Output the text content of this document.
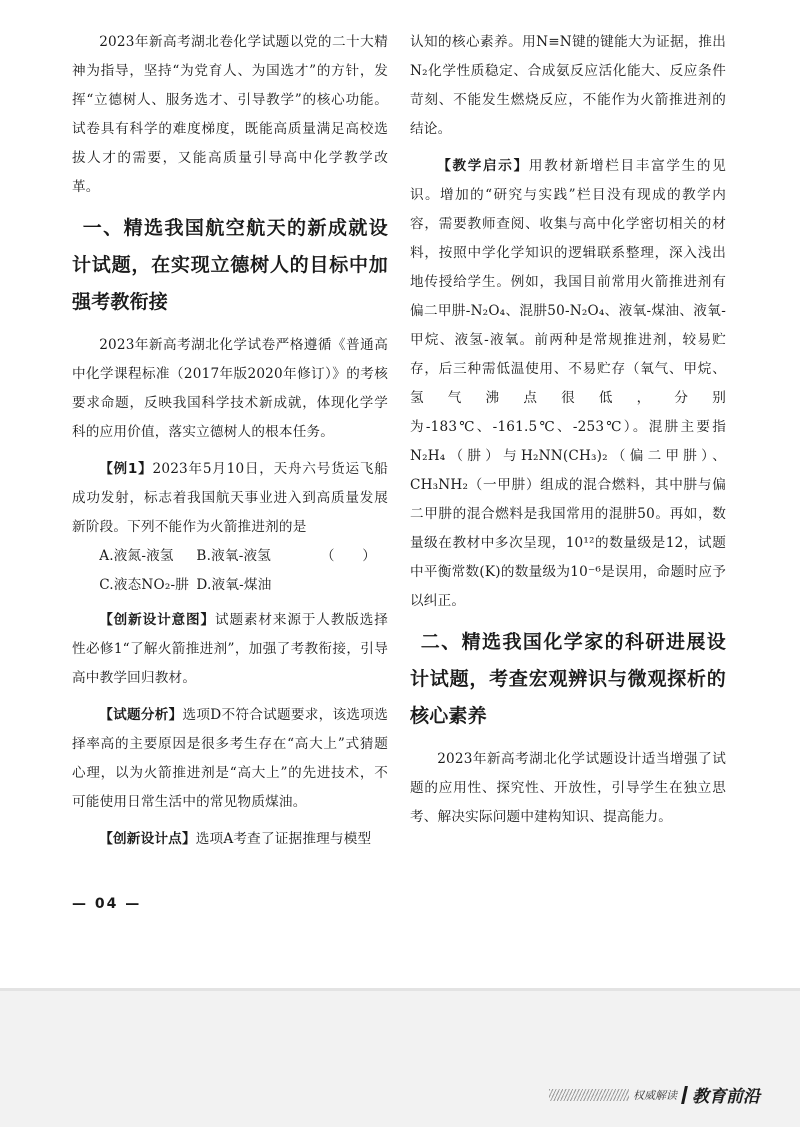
2023年新高考湖北卷化学试题以党的二十大精神为指导，坚持“为党育人、为国选才”的方针，发挥“立德树人、服务选才、引导教学”的核心功能。试卷具有科学的难度梯度，既能高质量满足高校选拔人才的需要，又能高质量引导高中化学教学改革。

一、精选我国航空航天的新成就设计试题，在实现立德树人的目标中加强考教衔接

2023年新高考湖北化学试卷严格遵循《普通高中化学课程标准（2017年版2020年修订）》的考核要求命题，反映我国科学技术新成就，体现化学学科的应用价值，落实立德树人的根本任务。

【例1】2023年5月10日，天舟六号货运飞船成功发射，标志着我国航天事业进入到高质量发展新阶段。下列不能作为火箭推进剂的是
（　　）

A.液氮-液氢	B.液氧-液氢
C.液态NO₂-肼 D.液氧-煤油

【创新设计意图】试题素材来源于人教版选择性必修1“了解火箭推进剂”，加强了考教衔接，引导高中教学回归教材。

【试题分析】选项D不符合试题要求，该选项选择率高的主要原因是很多考生存在“高大上”式猜题心理，以为火箭推进剂是“高大上”的先进技术，不可能使用日常生活中的常见物质煤油。

【创新设计点】选项A考查了证据推理与模型

认知的核心素养。用N≡N键的键能大为证据，推出N₂化学性质稳定、合成氨反应活化能大、反应条件苛刻、不能发生燃烧反应，不能作为火箭推进剂的结论。

【教学启示】用教材新增栏目丰富学生的见识。增加的“研究与实践”栏目没有现成的教学内容，需要教师查阅、收集与高中化学密切相关的材料，按照中学化学知识的逻辑联系整理，深入浅出地传授给学生。例如，我国目前常用火箭推进剂有偏二甲肼-N₂O₄、混肼50-N₂O₄、液氧-煤油、液氧-甲烷、液氢-液氧。前两种是常规推进剂，较易贮存，后三种需低温使用、不易贮存（氧气、甲烷、氢气沸点很低，分别为-183℃、-161.5℃、-253℃）。混肼主要指N₂H₄（肼）与H₂NN(CH₃)₂（偏二甲肼）、CH₃NH₂（一甲肼）组成的混合燃料，其中肼与偏二甲肼的混合燃料是我国常用的混肼50。再如，数量级在教材中多次呈现，10¹²的数量级是12，试题中平衡常数(K)的数量级为10⁻⁶是误用，命题时应予以纠正。

二、精选我国化学家的科研进展设计试题，考查宏观辨识与微观探析的核心素养

2023年新高考湖北化学试题设计适当增强了试题的应用性、探究性、开放性，引导学生在独立思考、解决实际问题中建构知识、提高能力。

— 04 —
权威解读 教育前沿
